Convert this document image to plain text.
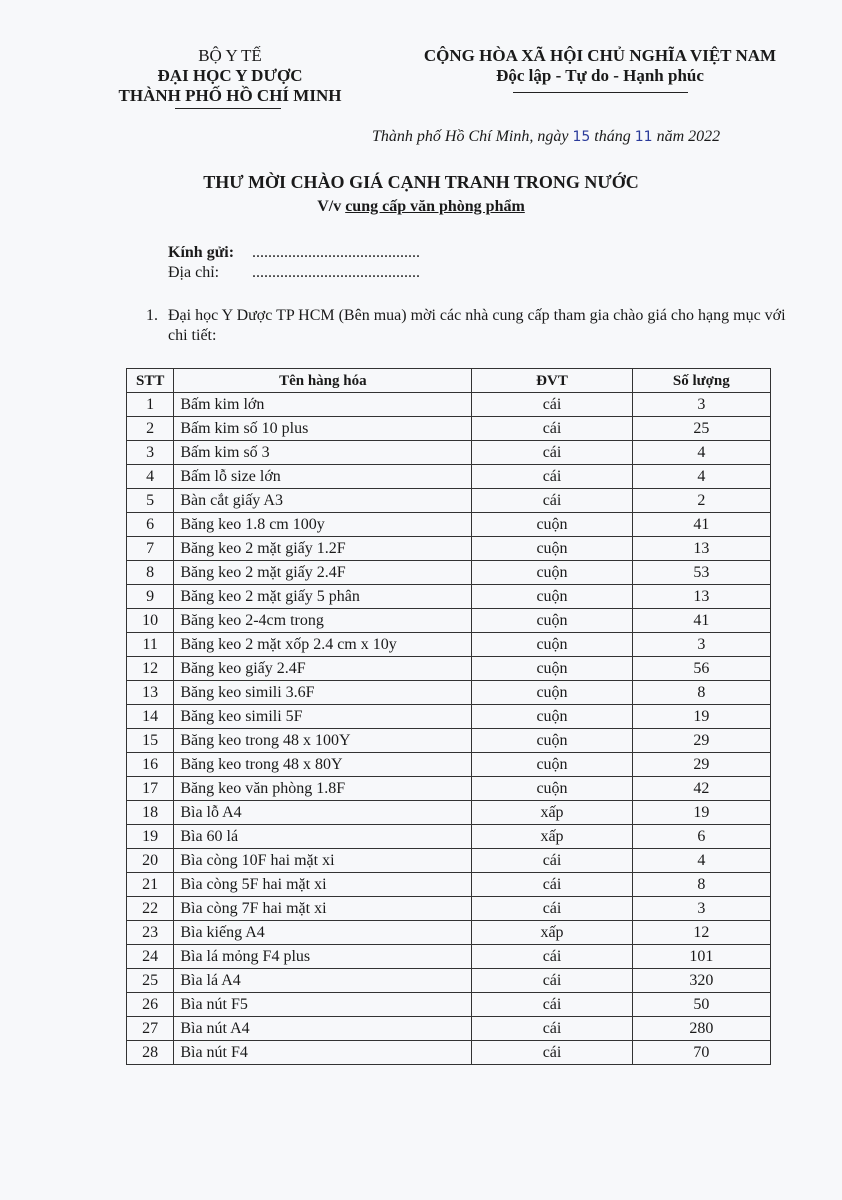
BỘ Y TẾ
ĐẠI HỌC Y DƯỢC
THÀNH PHỐ HỒ CHÍ MINH
CỘNG HÒA XÃ HỘI CHỦ NGHĨA VIỆT NAM
Độc lập - Tự do - Hạnh phúc
Thành phố Hồ Chí Minh, ngày 15 tháng 11 năm 2022
THƯ MỜI CHÀO GIÁ CẠNH TRANH TRONG NƯỚC
V/v cung cấp văn phòng phẩm
Kính gửi: ..........................................
Địa chỉ: ..........................................
1. Đại học Y Dược TP HCM (Bên mua) mời các nhà cung cấp tham gia chào giá cho hạng mục với chi tiết:
STT	Tên hàng hóa	ĐVT	Số lượng
1	Bấm kim lớn	cái	3
2	Bấm kim số 10 plus	cái	25
3	Bấm kim số 3	cái	4
4	Bấm lỗ size lớn	cái	4
5	Bàn cắt giấy A3	cái	2
6	Băng keo 1.8 cm 100y	cuộn	41
7	Băng keo 2 mặt giấy 1.2F	cuộn	13
8	Băng keo 2 mặt giấy 2.4F	cuộn	53
9	Băng keo 2 mặt giấy 5 phân	cuộn	13
10	Băng keo 2-4cm trong	cuộn	41
11	Băng keo 2 mặt xốp 2.4 cm x 10y	cuộn	3
12	Băng keo giấy 2.4F	cuộn	56
13	Băng keo simili 3.6F	cuộn	8
14	Băng keo simili 5F	cuộn	19
15	Băng keo trong 48 x 100Y	cuộn	29
16	Băng keo trong 48 x 80Y	cuộn	29
17	Băng keo văn phòng 1.8F	cuộn	42
18	Bìa lỗ A4	xấp	19
19	Bìa 60 lá	xấp	6
20	Bìa còng 10F hai mặt xi	cái	4
21	Bìa còng 5F hai mặt xi	cái	8
22	Bìa còng 7F hai mặt xi	cái	3
23	Bìa kiếng A4	xấp	12
24	Bìa lá mỏng F4 plus	cái	101
25	Bìa lá A4	cái	320
26	Bìa nút F5	cái	50
27	Bìa nút A4	cái	280
28	Bìa nút F4	cái	70
